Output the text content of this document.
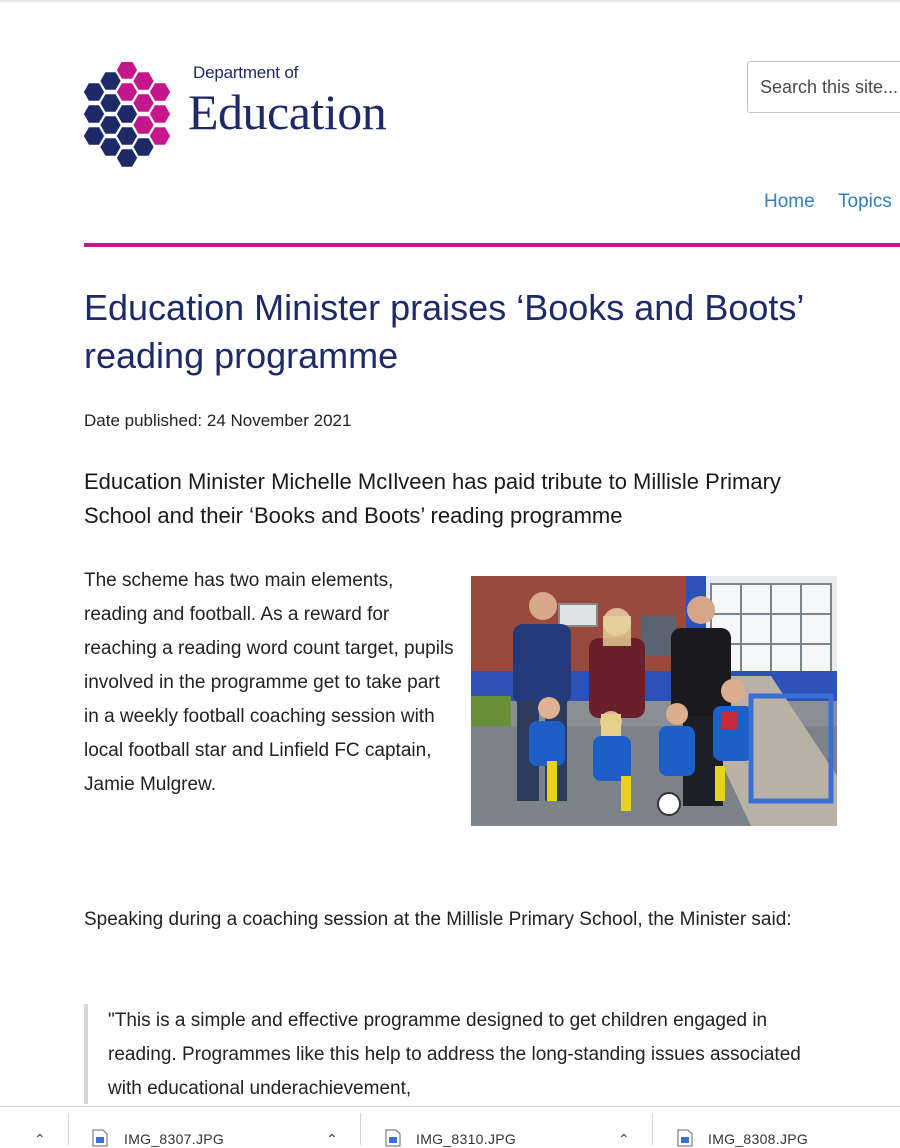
Department of
Education
Search this site...
Home Topics
Education Minister praises ‘Books and Boots’ reading programme
Date published: 24 November 2021

Education Minister Michelle McIlveen has paid tribute to Millisle Primary School and their ‘Books and Boots’ reading programme

The scheme has two main elements, reading and football. As a reward for reaching a reading word count target, pupils involved in the programme get to take part in a weekly football coaching session with local football star and Linfield FC captain, Jamie Mulgrew.

Speaking during a coaching session at the Millisle Primary School, the Minister said:

"This is a simple and effective programme designed to get children engaged in reading. Programmes like this help to address the long-standing issues associated with educational underachievement,

⌃	IMG_8307.JPG	⌃	IMG_8310.JPG	⌃	IMG_8308.JPG
